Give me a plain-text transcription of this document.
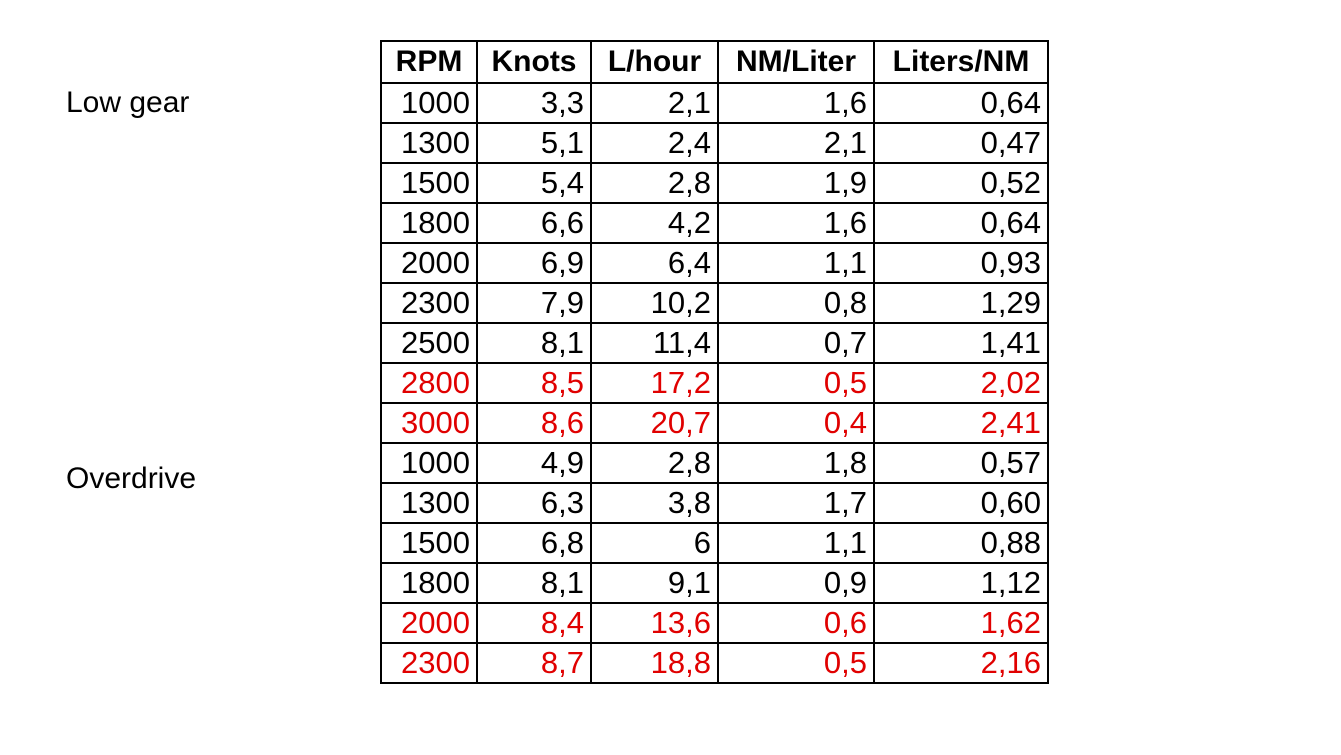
Low gear
Overdrive
RPM	Knots	L/hour	NM/Liter	Liters/NM
1000	3,3	2,1	1,6	0,64
1300	5,1	2,4	2,1	0,47
1500	5,4	2,8	1,9	0,52
1800	6,6	4,2	1,6	0,64
2000	6,9	6,4	1,1	0,93
2300	7,9	10,2	0,8	1,29
2500	8,1	11,4	0,7	1,41
2800	8,5	17,2	0,5	2,02
3000	8,6	20,7	0,4	2,41
1000	4,9	2,8	1,8	0,57
1300	6,3	3,8	1,7	0,60
1500	6,8	6	1,1	0,88
1800	8,1	9,1	0,9	1,12
2000	8,4	13,6	0,6	1,62
2300	8,7	18,8	0,5	2,16
